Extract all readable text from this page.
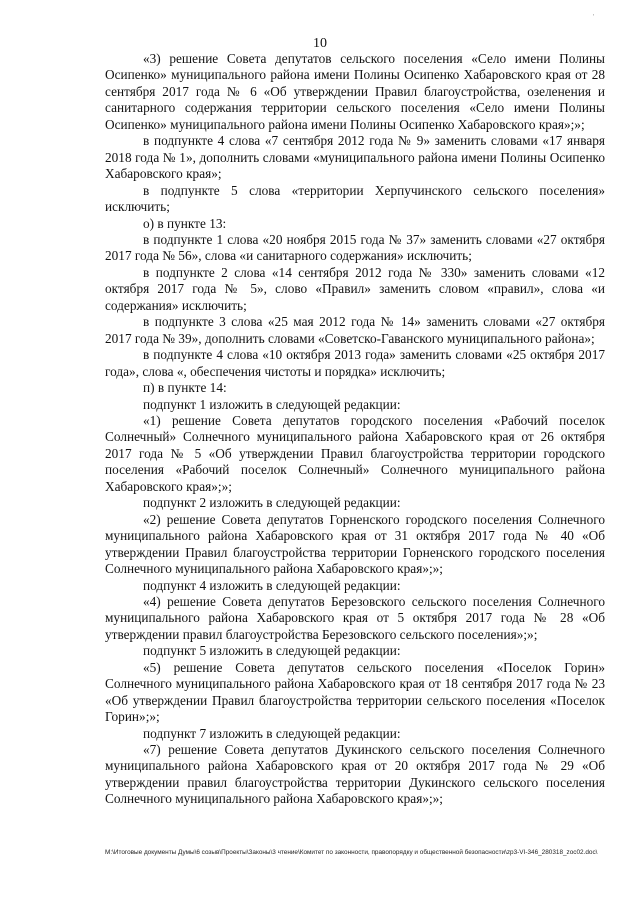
'
10

«3) решение Совета депутатов сельского поселения «Село имени Полины Осипенко» муниципального района имени Полины Осипенко Хабаровского края от 28 сентября 2017 года № 6 «Об утверждении Правил благоустройства, озеленения и санитарного содержания территории сельского поселения «Село имени Полины Осипенко» муниципального района имени Полины Осипенко Хабаровского края»;»;

в подпункте 4 слова «7 сентября 2012 года № 9» заменить словами «17 января 2018 года № 1», дополнить словами «муниципального района имени Полины Осипенко Хабаровского края»;

в подпункте 5 слова «территории Херпучинского сельского поселения» исключить;

о) в пункте 13:

в подпункте 1 слова «20 ноября 2015 года № 37» заменить словами «27 октября 2017 года № 56», слова «и санитарного содержания» исключить;

в подпункте 2 слова «14 сентября 2012 года № 330» заменить словами «12 октября 2017 года № 5», слово «Правил» заменить словом «правил», слова «и содержания» исключить;

в подпункте 3 слова «25 мая 2012 года № 14» заменить словами «27 октября 2017 года № 39», дополнить словами «Советско-Гаванского муниципального района»;

в подпункте 4 слова «10 октября 2013 года» заменить словами «25 октября 2017 года», слова «, обеспечения чистоты и порядка» исключить;

п) в пункте 14:

подпункт 1 изложить в следующей редакции:

«1) решение Совета депутатов городского поселения «Рабочий поселок Солнечный» Солнечного муниципального района Хабаровского края от 26 октября 2017 года № 5 «Об утверждении Правил благоустройства территории городского поселения «Рабочий поселок Солнечный» Солнечного муниципального района Хабаровского края»;»;

подпункт 2 изложить в следующей редакции:

«2) решение Совета депутатов Горненского городского поселения Солнечного муниципального района Хабаровского края от 31 октября 2017 года № 40 «Об утверждении Правил благоустройства территории Горненского городского поселения Солнечного муниципального района Хабаровского края»;»;

подпункт 4 изложить в следующей редакции:

«4) решение Совета депутатов Березовского сельского поселения Солнечного муниципального района Хабаровского края от 5 октября 2017 года № 28 «Об утверждении правил благоустройства Березовского сельского поселения»;»;

подпункт 5 изложить в следующей редакции:

«5) решение Совета депутатов сельского поселения «Поселок Горин» Солнечного муниципального района Хабаровского края от 18 сентября 2017 года № 23 «Об утверждении Правил благоустройства территории сельского поселения «Поселок Горин»;»;

подпункт 7 изложить в следующей редакции:

«7) решение Совета депутатов Дукинского сельского поселения Солнечного муниципального района Хабаровского края от 20 октября 2017 года № 29 «Об утверждении правил благоустройства территории Дукинского сельского поселения Солнечного муниципального района Хабаровского края»;»;

M:\Итоговые документы Думы\6 созыв\Проекты\Законы\3 чтение\Комитет по законности, правопорядку и общественной безопасности\zp3-VI-346_280318_zoc02.doc\
